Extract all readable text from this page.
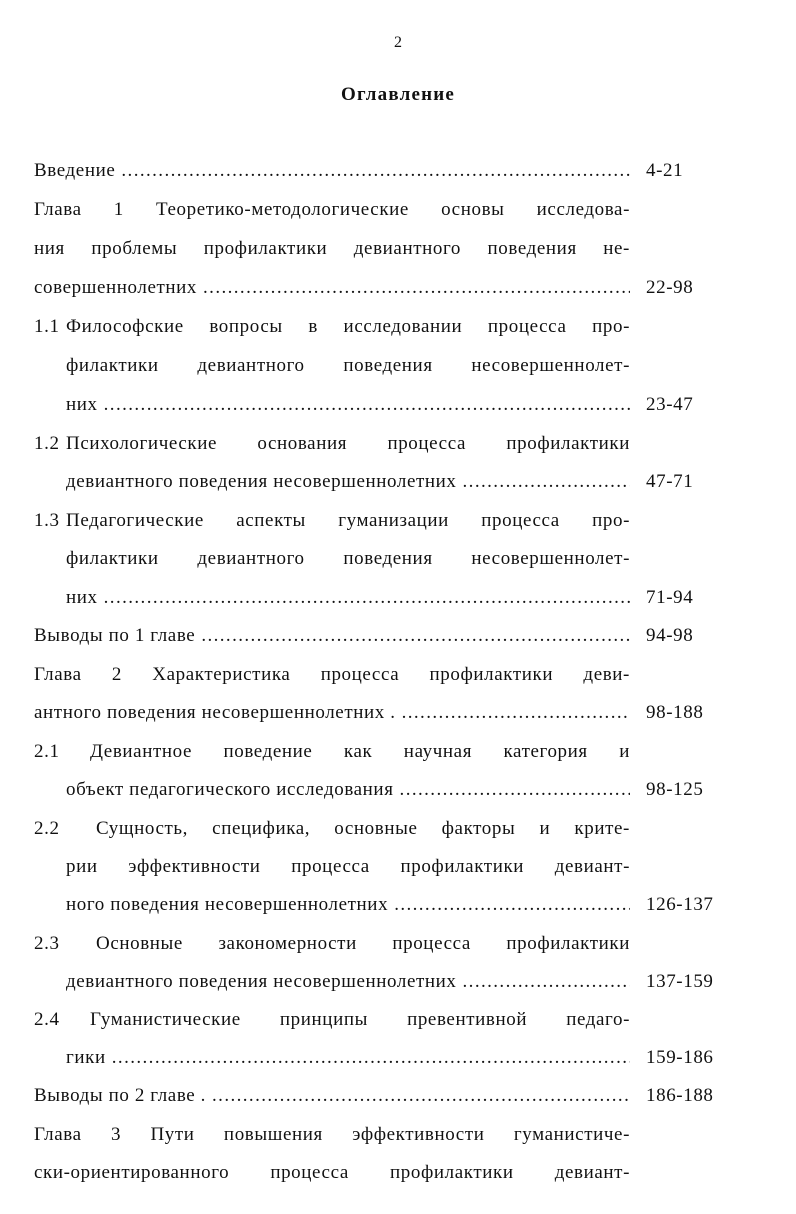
2
Оглавление
Введение .....	4-21
Глава 1 Теоретико-методологические основы исследова-
ния проблемы профилактики девиантного поведения не-
совершеннолетних .....	22-98
1.1 Философские вопросы в исследовании процесса про-
филактики девиантного поведения несовершеннолет-
них .....	23-47
1.2 Психологические основания процесса профилактики
девиантного поведения несовершеннолетних .....	47-71
1.3 Педагогические аспекты гуманизации процесса про-
филактики девиантного поведения несовершеннолет-
них .....	71-94
Выводы по 1 главе .....	94-98
Глава 2 Характеристика процесса профилактики деви-
антного поведения несовершеннолетних . .....	98-188
2.1 Девиантное поведение как научная категория и
объект педагогического исследования .....	98-125
2.2 Сущность, специфика, основные факторы и крите-
рии эффективности процесса профилактики девиант-
ного поведения несовершеннолетних .....	126-137
2.3 Основные закономерности процесса профилактики
девиантного поведения несовершеннолетних .....	137-159
2.4 Гуманистические принципы превентивной педаго-
гики .....	159-186
Выводы по 2 главе . .....	186-188
Глава 3 Пути повышения эффективности гуманистиче-
ски-ориентированного процесса профилактики девиант-
